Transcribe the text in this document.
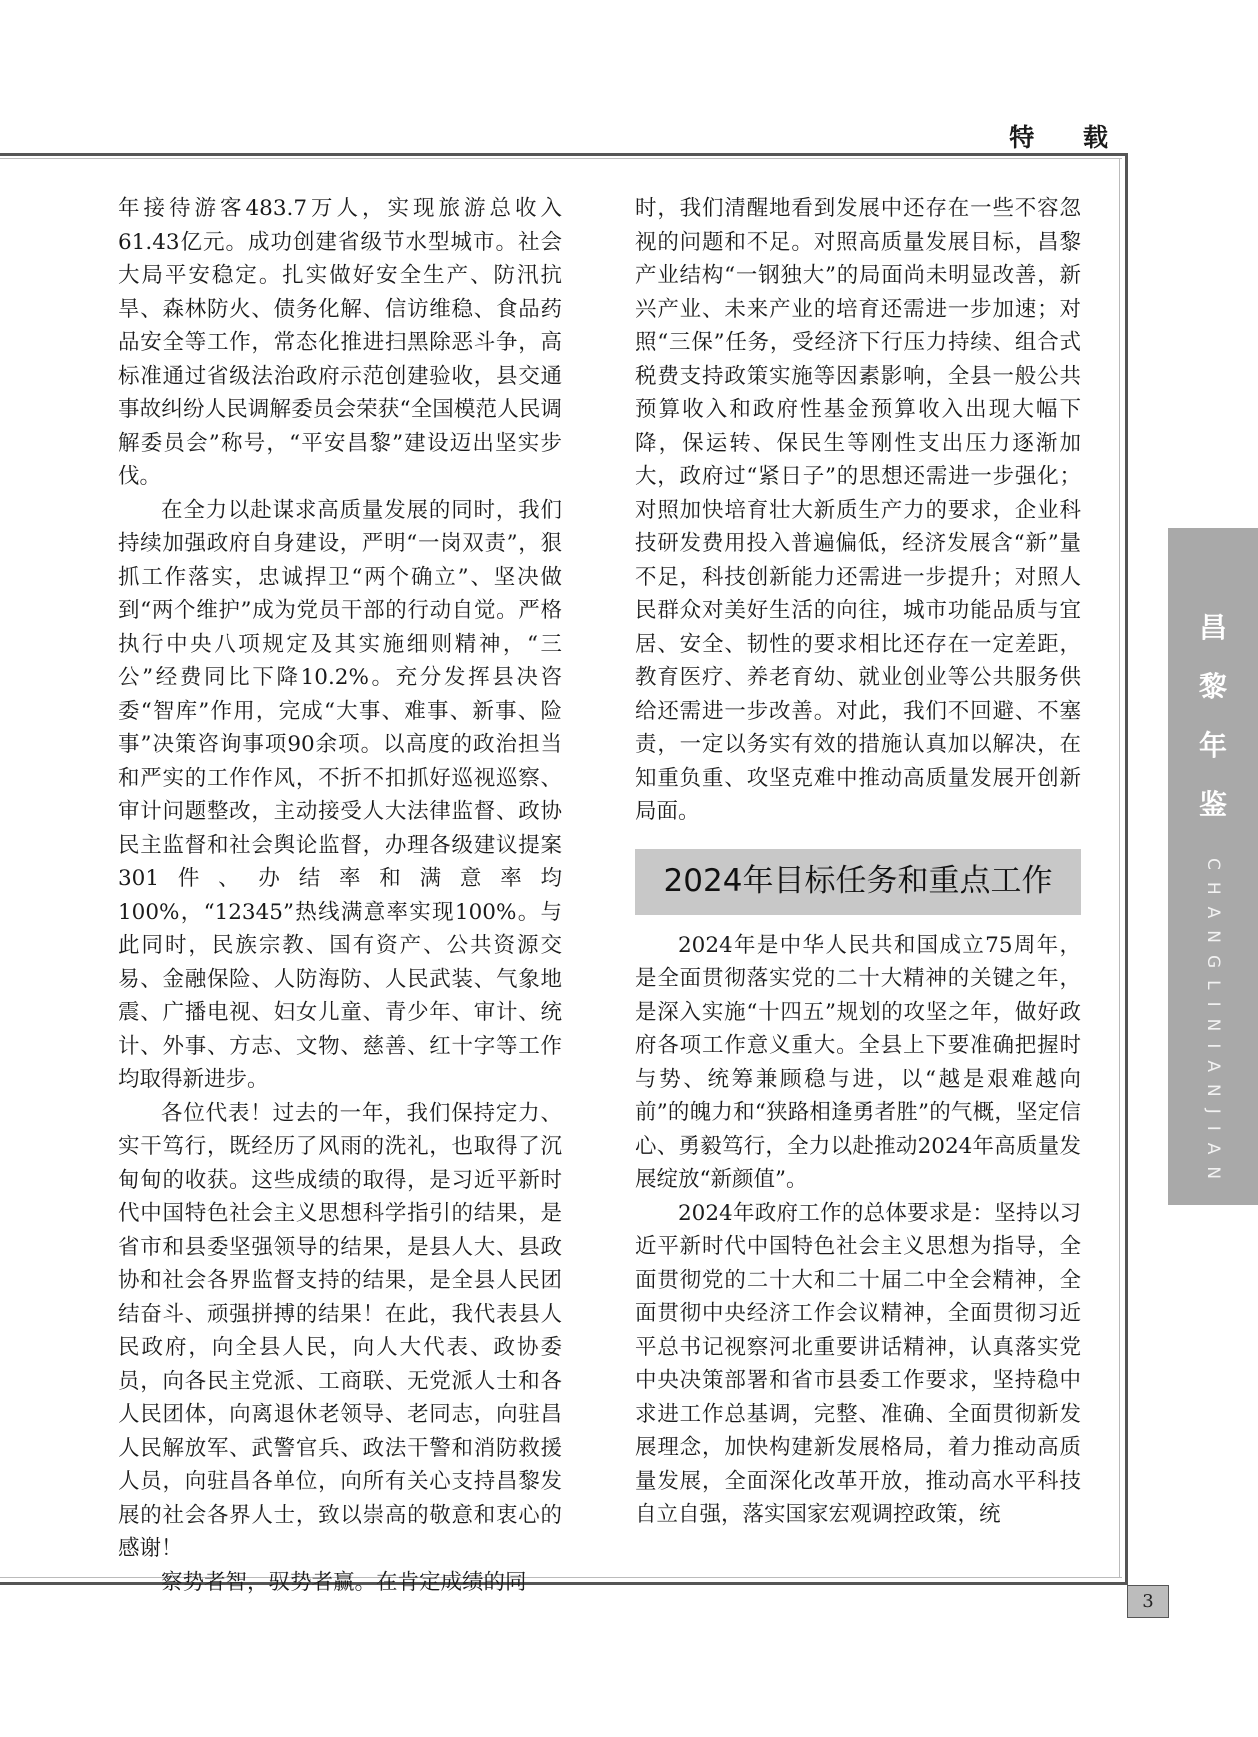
特 载

年接待游客483.7万人，实现旅游总收入61.43亿元。成功创建省级节水型城市。社会大局平安稳定。扎实做好安全生产、防汛抗旱、森林防火、债务化解、信访维稳、食品药品安全等工作，常态化推进扫黑除恶斗争，高标准通过省级法治政府示范创建验收，县交通事故纠纷人民调解委员会荣获“全国模范人民调解委员会”称号，“平安昌黎”建设迈出坚实步伐。

在全力以赴谋求高质量发展的同时，我们持续加强政府自身建设，严明“一岗双责”，狠抓工作落实，忠诚捍卫“两个确立”、坚决做到“两个维护”成为党员干部的行动自觉。严格执行中央八项规定及其实施细则精神，“三公”经费同比下降10.2%。充分发挥县决咨委“智库”作用，完成“大事、难事、新事、险事”决策咨询事项90余项。以高度的政治担当和严实的工作作风，不折不扣抓好巡视巡察、审计问题整改，主动接受人大法律监督、政协民主监督和社会舆论监督，办理各级建议提案301件、办结率和满意率均100%，“12345”热线满意率实现100%。与此同时，民族宗教、国有资产、公共资源交易、金融保险、人防海防、人民武装、气象地震、广播电视、妇女儿童、青少年、审计、统计、外事、方志、文物、慈善、红十字等工作均取得新进步。

各位代表！过去的一年，我们保持定力、实干笃行，既经历了风雨的洗礼，也取得了沉甸甸的收获。这些成绩的取得，是习近平新时代中国特色社会主义思想科学指引的结果，是省市和县委坚强领导的结果，是县人大、县政协和社会各界监督支持的结果，是全县人民团结奋斗、顽强拼搏的结果！在此，我代表县人民政府，向全县人民，向人大代表、政协委员，向各民主党派、工商联、无党派人士和各人民团体，向离退休老领导、老同志，向驻昌人民解放军、武警官兵、政法干警和消防救援人员，向驻昌各单位，向所有关心支持昌黎发展的社会各界人士，致以崇高的敬意和衷心的感谢！

察势者智，驭势者赢。在肯定成绩的同

时，我们清醒地看到发展中还存在一些不容忽视的问题和不足。对照高质量发展目标，昌黎产业结构“一钢独大”的局面尚未明显改善，新兴产业、未来产业的培育还需进一步加速；对照“三保”任务，受经济下行压力持续、组合式税费支持政策实施等因素影响，全县一般公共预算收入和政府性基金预算收入出现大幅下降，保运转、保民生等刚性支出压力逐渐加大，政府过“紧日子”的思想还需进一步强化；对照加快培育壮大新质生产力的要求，企业科技研发费用投入普遍偏低，经济发展含“新”量不足，科技创新能力还需进一步提升；对照人民群众对美好生活的向往，城市功能品质与宜居、安全、韧性的要求相比还存在一定差距，教育医疗、养老育幼、就业创业等公共服务供给还需进一步改善。对此，我们不回避、不塞责，一定以务实有效的措施认真加以解决，在知重负重、攻坚克难中推动高质量发展开创新局面。

2024年目标任务和重点工作

2024年是中华人民共和国成立75周年，是全面贯彻落实党的二十大精神的关键之年，是深入实施“十四五”规划的攻坚之年，做好政府各项工作意义重大。全县上下要准确把握时与势、统筹兼顾稳与进，以“越是艰难越向前”的魄力和“狭路相逢勇者胜”的气概，坚定信心、勇毅笃行，全力以赴推动2024年高质量发展绽放“新颜值”。

2024年政府工作的总体要求是：坚持以习近平新时代中国特色社会主义思想为指导，全面贯彻党的二十大和二十届二中全会精神，全面贯彻中央经济工作会议精神，全面贯彻习近平总书记视察河北重要讲话精神，认真落实党中央决策部署和省市县委工作要求，坚持稳中求进工作总基调，完整、准确、全面贯彻新发展理念，加快构建新发展格局，着力推动高质量发展，全面深化改革开放，推动高水平科技自立自强，落实国家宏观调控政策，统

昌
黎
年
鉴
CHANGLINIANJIAN
3
